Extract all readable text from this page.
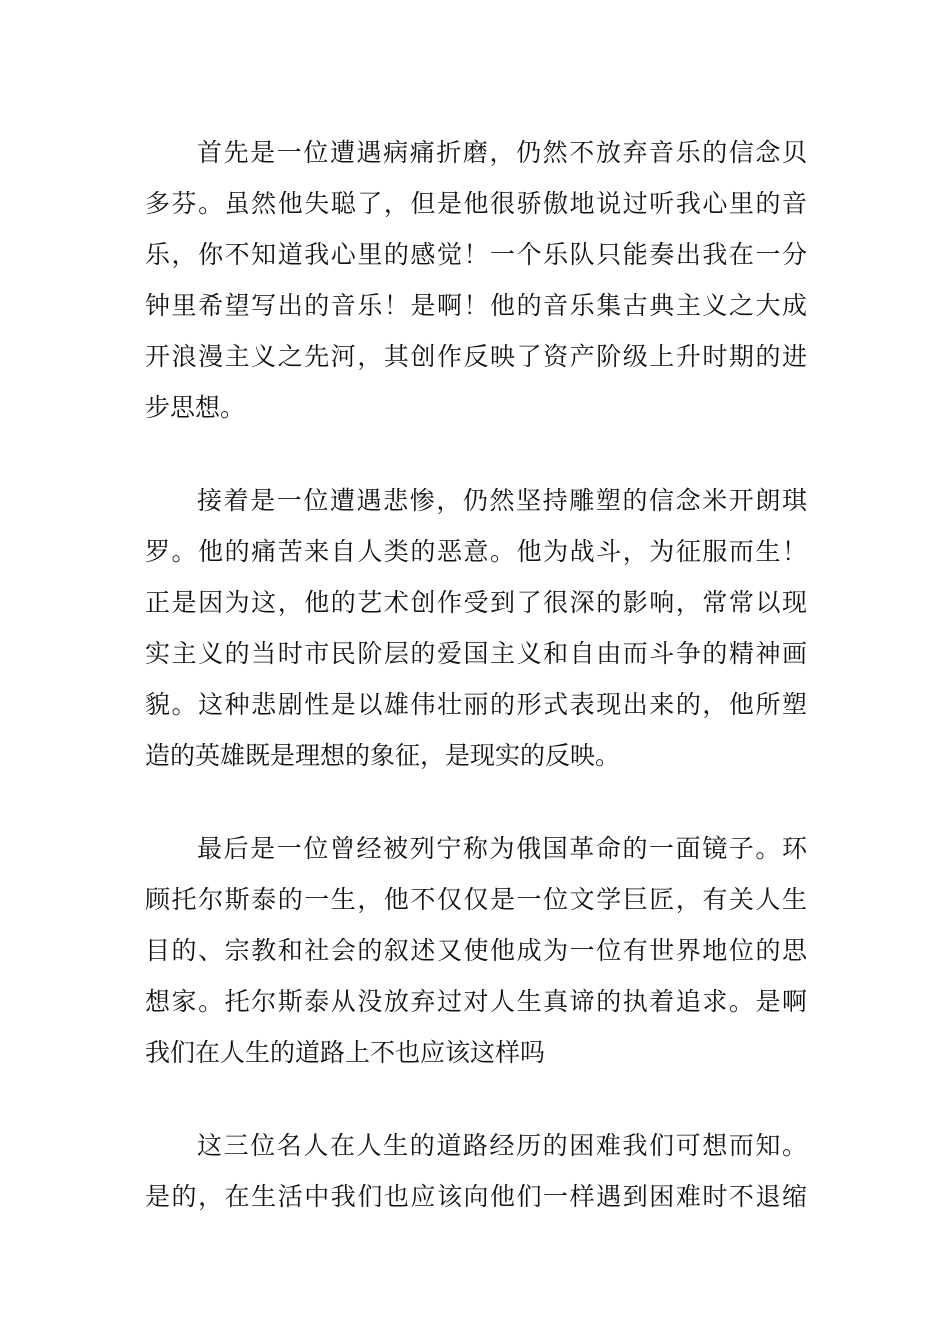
首先是一位遭遇病痛折磨，仍然不放弃音乐的信念贝
多芬。虽然他失聪了，但是他很骄傲地说过听我心里的音
乐，你不知道我心里的感觉！一个乐队只能奏出我在一分
钟里希望写出的音乐！是啊！他的音乐集古典主义之大成
开浪漫主义之先河，其创作反映了资产阶级上升时期的进
步思想。
接着是一位遭遇悲惨，仍然坚持雕塑的信念米开朗琪
罗。他的痛苦来自人类的恶意。他为战斗，为征服而生！
正是因为这，他的艺术创作受到了很深的影响，常常以现
实主义的当时市民阶层的爱国主义和自由而斗争的精神画
貌。这种悲剧性是以雄伟壮丽的形式表现出来的，他所塑
造的英雄既是理想的象征，是现实的反映。
最后是一位曾经被列宁称为俄国革命的一面镜子。环
顾托尔斯泰的一生，他不仅仅是一位文学巨匠，有关人生
目的、宗教和社会的叙述又使他成为一位有世界地位的思
想家。托尔斯泰从没放弃过对人生真谛的执着追求。是啊
我们在人生的道路上不也应该这样吗
这三位名人在人生的道路经历的困难我们可想而知。
是的，在生活中我们也应该向他们一样遇到困难时不退缩
